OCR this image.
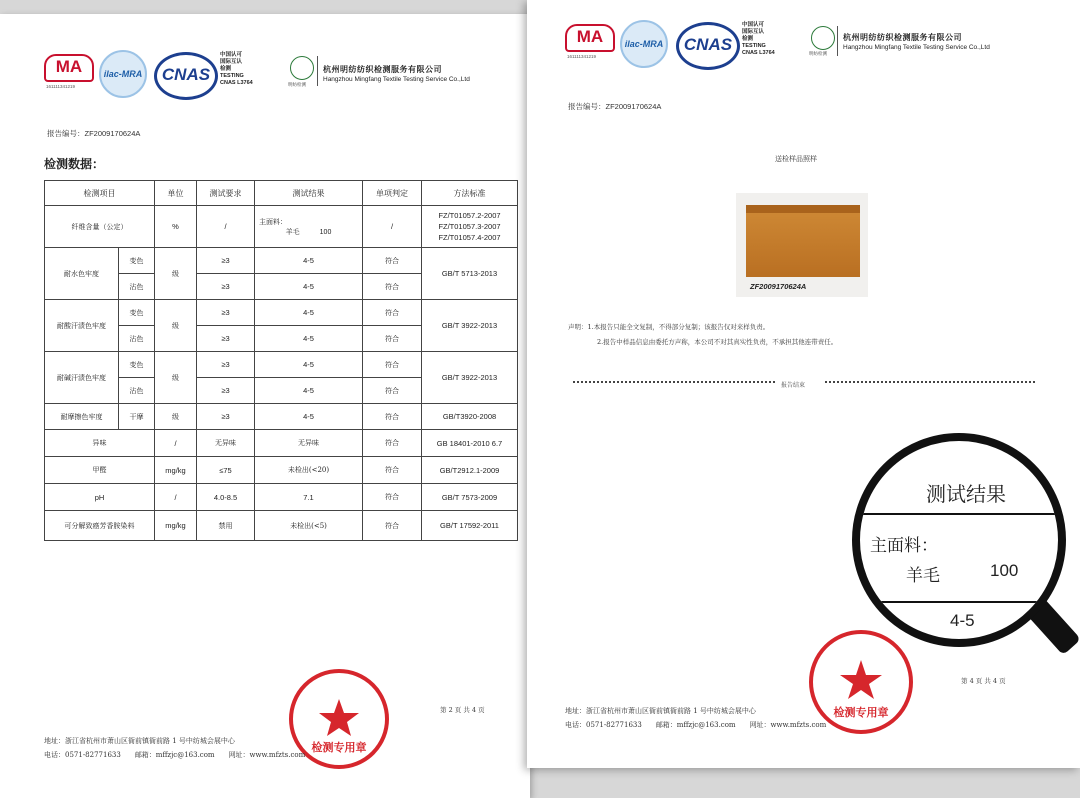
MA
161111341219
ilac-MRA	CNAS
中国认可
国际互认
检测
TESTING
CNAS L3764	明纺检测
杭州明纺纺织检测服务有限公司
Hangzhou Mingfang Textile Testing Service Co.,Ltd
报告编号：ZF2009170624A
检测数据：
检测项目		单位	测试要求	测试结果	单项判定	方法标准
纤维含量（公定）		%	/	主面料：
羊毛 100	/	FZ/T01057.2-2007
FZ/T01057.3-2007
FZ/T01057.4-2007

耐水色牢度	变色	级	≥3	4-5	符合	GB/T 5713-2013
	沾色		≥3	4-5	符合	
耐酸汗渍色牢度	变色	级	≥3	4-5	符合	GB/T 3922-2013
	沾色		≥3	4-5	符合	
耐碱汗渍色牢度	变色	级	≥3	4-5	符合	GB/T 3922-2013
	沾色		≥3	4-5	符合	
耐摩擦色牢度	干摩	级	≥3	4-5	符合	GB/T3920-2008
异味		/	无异味	无异味	符合	GB 18401-2010 6.7
甲醛		mg/kg	≤75	未检出(<20)	符合	GB/T2912.1-2009
pH		/	4.0-8.5	7.1	符合	GB/T 7573-2009
可分解致癌芳香胺染料		mg/kg	禁用	未检出(<5)	符合	GB/T 17592-2011
检测专用章
第 2 页 共 4 页
地址：浙江省杭州市萧山区衙前镇衙前路 1 号中纺城会展中心
电话：0571-82771633 邮箱：mffzjc@163.com 网址：www.mfzts.com
MA
161111341219
ilac-MRA	CNAS
中国认可
国际互认
检测
TESTING
CNAS L3764	明纺检测
杭州明纺纺织检测服务有限公司
Hangzhou Mingfang Textile Testing Service Co.,Ltd
报告编号：ZF2009170624A
送检样品照样
ZF2009170624A
声明：1.本报告只能全文复制，不得部分复制；该报告仅对来样负责。
2.报告中样品信息由委托方声称，本公司不对其真实性负责，不承担其他连带责任。
报告结束
检测专用章
第 4 页 共 4 页
地址：浙江省杭州市萧山区衙前镇衙前路 1 号中纺城会展中心
电话：0571-82771633 邮箱：mffzjc@163.com 网址：www.mfzts.com
测试结果
主面料：
羊毛	100
4-5
